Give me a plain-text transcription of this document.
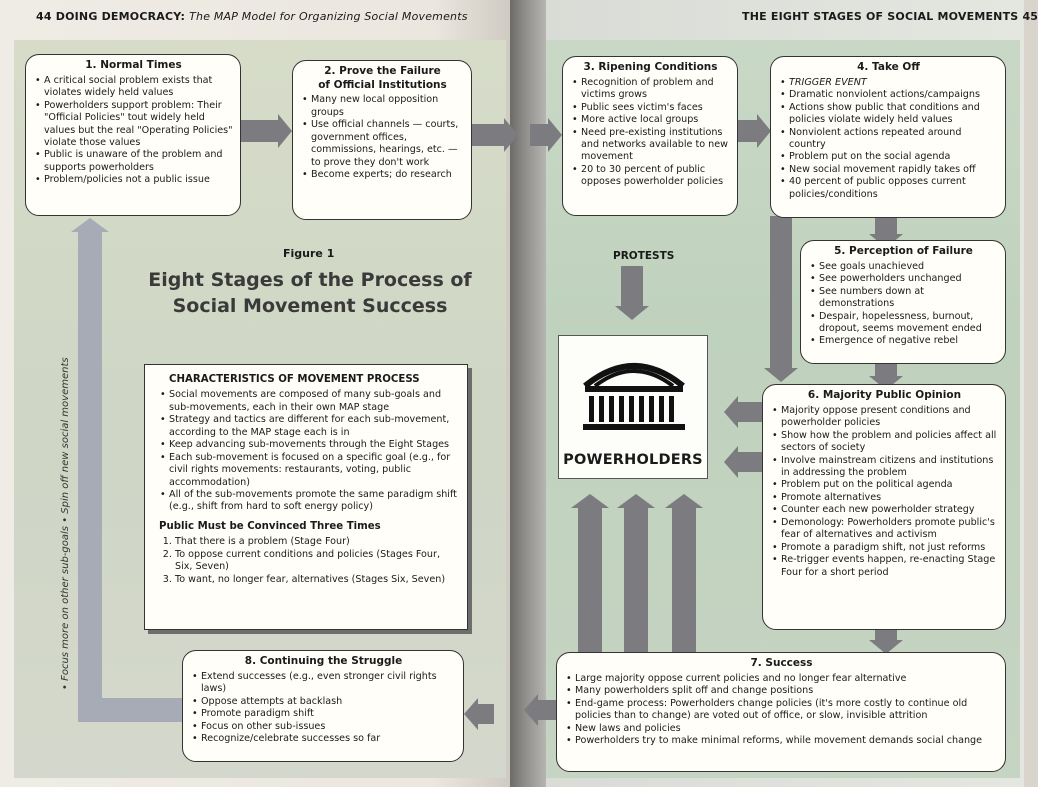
44 DOING DEMOCRACY: The MAP Model for Organizing Social Movements	THE EIGHT STAGES OF SOCIAL MOVEMENTS 45
• Focus more on other sub-goals • Spin off new social movements
1. Normal Times
• A critical social problem exists that violates widely held values
• Powerholders support problem: Their "Official Policies" tout widely held values but the real "Operating Policies" violate those values
• Public is unaware of the problem and supports powerholders
• Problem/policies not a public issue
2. Prove the Failure
of Official Institutions
• Many new local opposition groups
• Use official channels — courts, government offices, commissions, hearings, etc. — to prove they don't work
• Become experts; do research
Figure 1
Eight Stages of the Process of
Social Movement Success
CHARACTERISTICS OF MOVEMENT PROCESS
• Social movements are composed of many sub-goals and sub-movements, each in their own MAP stage
• Strategy and tactics are different for each sub-movement, according to the MAP stage each is in
• Keep advancing sub-movements through the Eight Stages
• Each sub-movement is focused on a specific goal (e.g., for civil rights movements: restaurants, voting, public accommodation)
• All of the sub-movements promote the same paradigm shift (e.g., shift from hard to soft energy policy)
Public Must be Convinced Three Times
1. That there is a problem (Stage Four)
2. To oppose current conditions and policies (Stages Four, Six, Seven)
3. To want, no longer fear, alternatives (Stages Six, Seven)
8. Continuing the Struggle
• Extend successes (e.g., even stronger civil rights laws)
• Oppose attempts at backlash
• Promote paradigm shift
• Focus on other sub-issues
• Recognize/celebrate successes so far
3. Ripening Conditions
• Recognition of problem and victims grows
• Public sees victim's faces
• More active local groups
• Need pre-existing institutions and networks available to new movement
• 20 to 30 percent of public opposes powerholder policies
4. Take Off
• TRIGGER EVENT
• Dramatic nonviolent actions/campaigns
• Actions show public that conditions and policies violate widely held values
• Nonviolent actions repeated around country
• Problem put on the social agenda
• New social movement rapidly takes off
• 40 percent of public opposes current policies/conditions
PROTESTS
POWERHOLDERS
5. Perception of Failure
• See goals unachieved
• See powerholders unchanged
• See numbers down at demonstrations
• Despair, hopelessness, burnout, dropout, seems movement ended
• Emergence of negative rebel
6. Majority Public Opinion
• Majority oppose present conditions and powerholder policies
• Show how the problem and policies affect all sectors of society
• Involve mainstream citizens and institutions in addressing the problem
• Problem put on the political agenda
• Promote alternatives
• Counter each new powerholder strategy
• Demonology: Powerholders promote public's fear of alternatives and activism
• Promote a paradigm shift, not just reforms
• Re-trigger events happen, re-enacting Stage Four for a short period
7. Success
• Large majority oppose current policies and no longer fear alternative
• Many powerholders split off and change positions
• End-game process: Powerholders change policies (it's more costly to continue old policies than to change) are voted out of office, or slow, invisible attrition
• New laws and policies
• Powerholders try to make minimal reforms, while movement demands social change
